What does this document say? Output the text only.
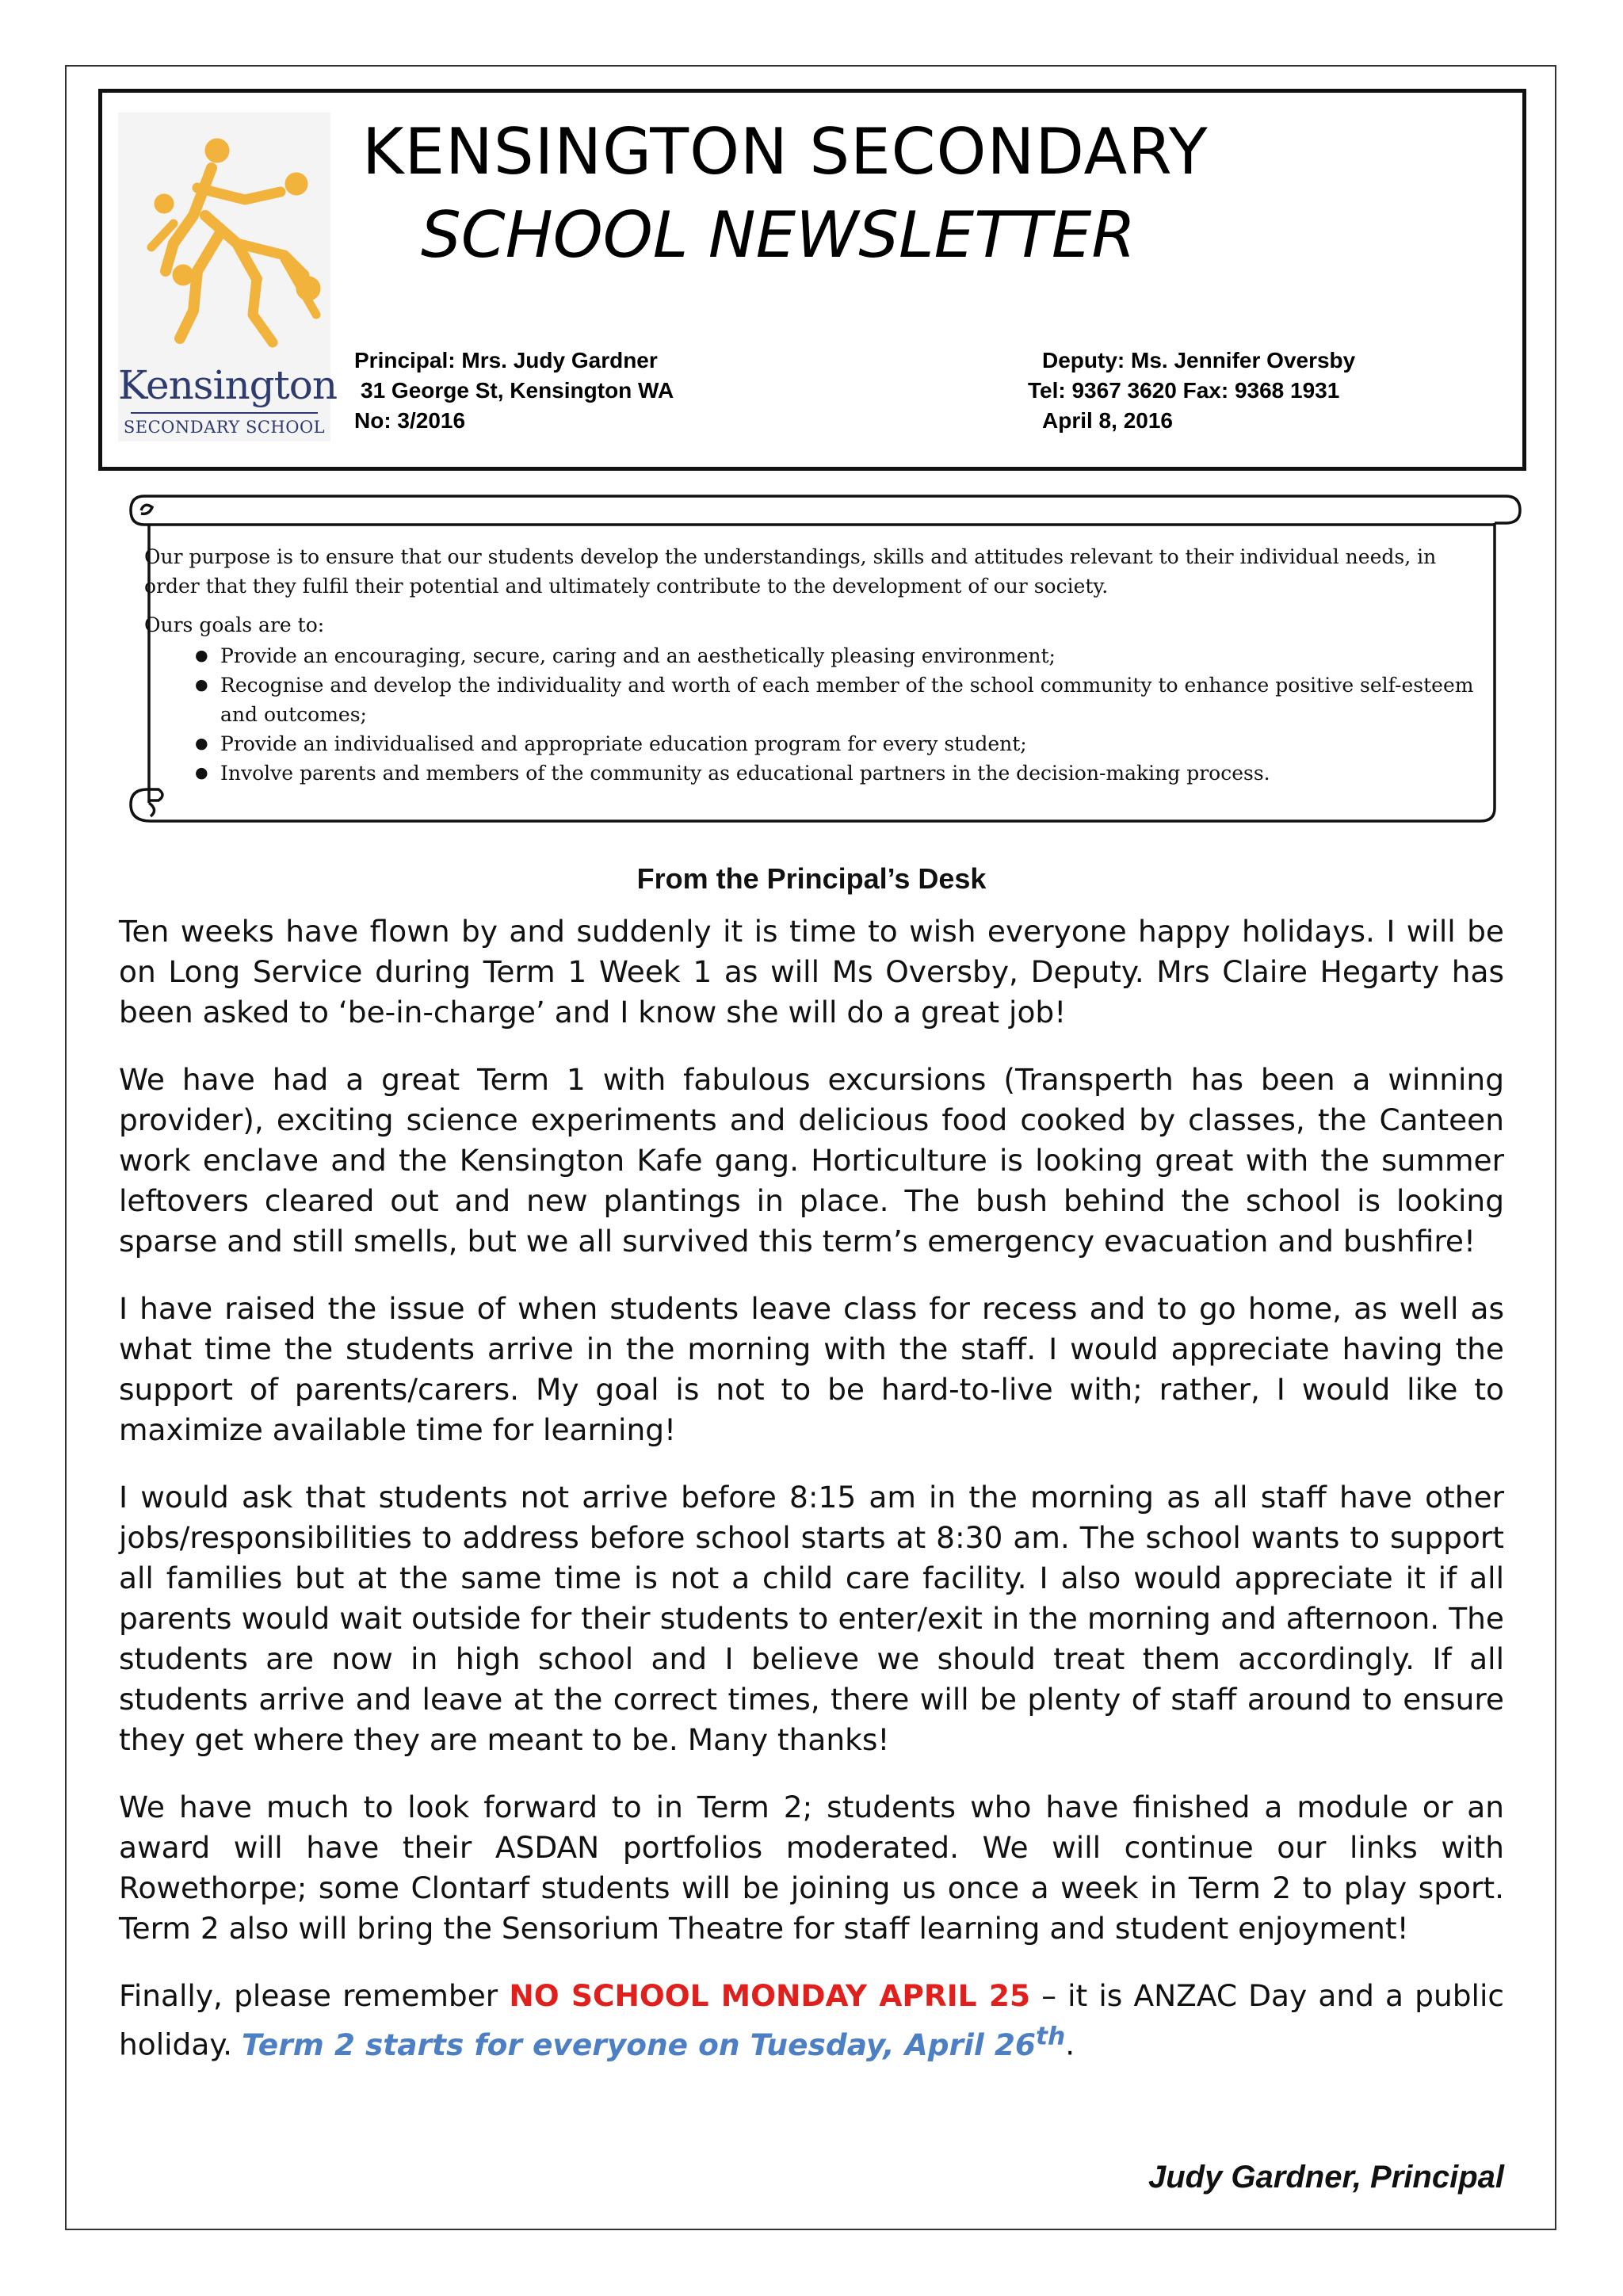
Kensington
SECONDARY SCHOOL
KENSINGTON SECONDARY
SCHOOL NEWSLETTER
Principal: Mrs. Judy Gardner
31 George St, Kensington WA
No: 3/2016
Deputy: Ms. Jennifer Oversby
Tel: 9367 3620 Fax: 9368 1931
April 8, 2016

Our purpose is to ensure that our students develop the understandings, skills and attitudes relevant to their individual needs, in order that they fulfil their potential and ultimately contribute to the development of our society.

Ours goals are to:

● Provide an encouraging, secure, caring and an aesthetically pleasing environment;
● Recognise and develop the individuality and worth of each member of the school community to enhance positive self-esteem and outcomes;
● Provide an individualised and appropriate education program for every student;
● Involve parents and members of the community as educational partners in the decision-making process.
From the Principal’s Desk

Ten weeks have flown by and suddenly it is time to wish everyone happy holidays. I will be on Long Service during Term 1 Week 1 as will Ms Oversby, Deputy. Mrs Claire Hegarty has been asked to ‘be-in-charge’ and I know she will do a great job!

We have had a great Term 1 with fabulous excursions (Transperth has been a winning provider), exciting science experiments and delicious food cooked by classes, the Canteen work enclave and the Kensington Kafe gang. Horticulture is looking great with the summer leftovers cleared out and new plantings in place. The bush behind the school is looking sparse and still smells, but we all survived this term’s emergency evacuation and bushfire!

I have raised the issue of when students leave class for recess and to go home, as well as what time the students arrive in the morning with the staff. I would appreciate having the support of parents/carers. My goal is not to be hard-to-live with; rather, I would like to maximize available time for learning!

I would ask that students not arrive before 8:15 am in the morning as all staff have other jobs/responsibilities to address before school starts at 8:30 am. The school wants to support all families but at the same time is not a child care facility. I also would appreciate it if all parents would wait outside for their students to enter/exit in the morning and afternoon. The students are now in high school and I believe we should treat them accordingly. If all students arrive and leave at the correct times, there will be plenty of staff around to ensure they get where they are meant to be. Many thanks!

We have much to look forward to in Term 2; students who have finished a module or an award will have their ASDAN portfolios moderated. We will continue our links with Rowethorpe; some Clontarf students will be joining us once a week in Term 2 to play sport. Term 2 also will bring the Sensorium Theatre for staff learning and student enjoyment!

Finally, please remember NO SCHOOL MONDAY APRIL 25 – it is ANZAC Day and a public holiday. Term 2 starts for everyone on Tuesday, April 26th.

Judy Gardner, Principal
